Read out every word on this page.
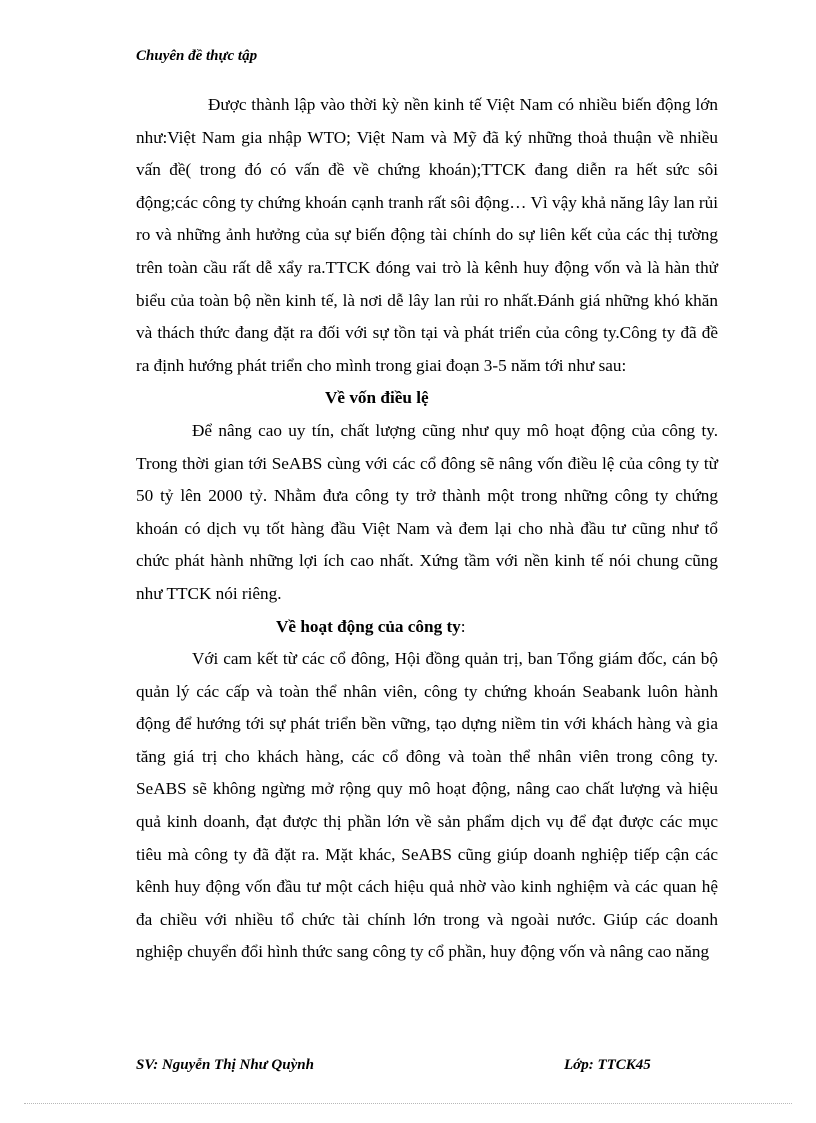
Chuyên đề thực tập

Được thành lập vào thời kỳ nền kinh tế Việt Nam có nhiều biến động lớn như:Việt Nam gia nhập WTO; Việt Nam và Mỹ đã ký những thoả thuận về nhiều vấn đề( trong đó có vấn đề về chứng khoán);TTCK đang diễn ra hết sức sôi động;các công ty chứng khoán cạnh tranh rất sôi động… Vì vậy khả năng lây lan rủi ro và những ảnh hưởng của sự biến động tài chính do sự liên kết của các thị tường trên toàn cầu rất dễ xẩy ra.TTCK đóng vai trò là kênh huy động vốn và là hàn thử biểu của toàn bộ nền kinh tế, là nơi dễ lây lan rủi ro nhất.Đánh giá những khó khăn và thách thức đang đặt ra đối với sự tồn tại và phát triển của công ty.Công ty đã đề ra định hướng phát triển cho mình trong giai đoạn 3-5 năm tới như sau:

Về vốn điều lệ

Để nâng cao uy tín, chất lượng cũng như quy mô hoạt động của công ty. Trong thời gian tới SeABS cùng với các cổ đông sẽ nâng vốn điều lệ của công ty từ 50 tỷ lên 2000 tỷ. Nhằm đưa công ty trở thành một trong những công ty chứng khoán có dịch vụ tốt hàng đầu Việt Nam và đem lại cho nhà đầu tư cũng như tổ chức phát hành những lợi ích cao nhất. Xứng tầm với nền kinh tế nói chung cũng như TTCK nói riêng.

Về hoạt động của công ty:

Với cam kết từ các cổ đông, Hội đồng quản trị, ban Tổng giám đốc, cán bộ quản lý các cấp và toàn thể nhân viên, công ty chứng khoán Seabank luôn hành động để hướng tới sự phát triển bền vững, tạo dựng niềm tin với khách hàng và gia tăng giá trị cho khách hàng, các cổ đông và toàn thể nhân viên trong công ty. SeABS sẽ không ngừng mở rộng quy mô hoạt động, nâng cao chất lượng và hiệu quả kinh doanh, đạt được thị phần lớn về sản phẩm dịch vụ để đạt được các mục tiêu mà công ty đã đặt ra. Mặt khác, SeABS cũng giúp doanh nghiệp tiếp cận các kênh huy động vốn đầu tư một cách hiệu quả nhờ vào kinh nghiệm và các quan hệ đa chiều với nhiều tổ chức tài chính lớn trong và ngoài nước. Giúp các doanh nghiệp chuyển đổi hình thức sang công ty cổ phần, huy động vốn và nâng cao năng

SV: Nguyễn Thị Như Quỳnh	Lớp: TTCK45
